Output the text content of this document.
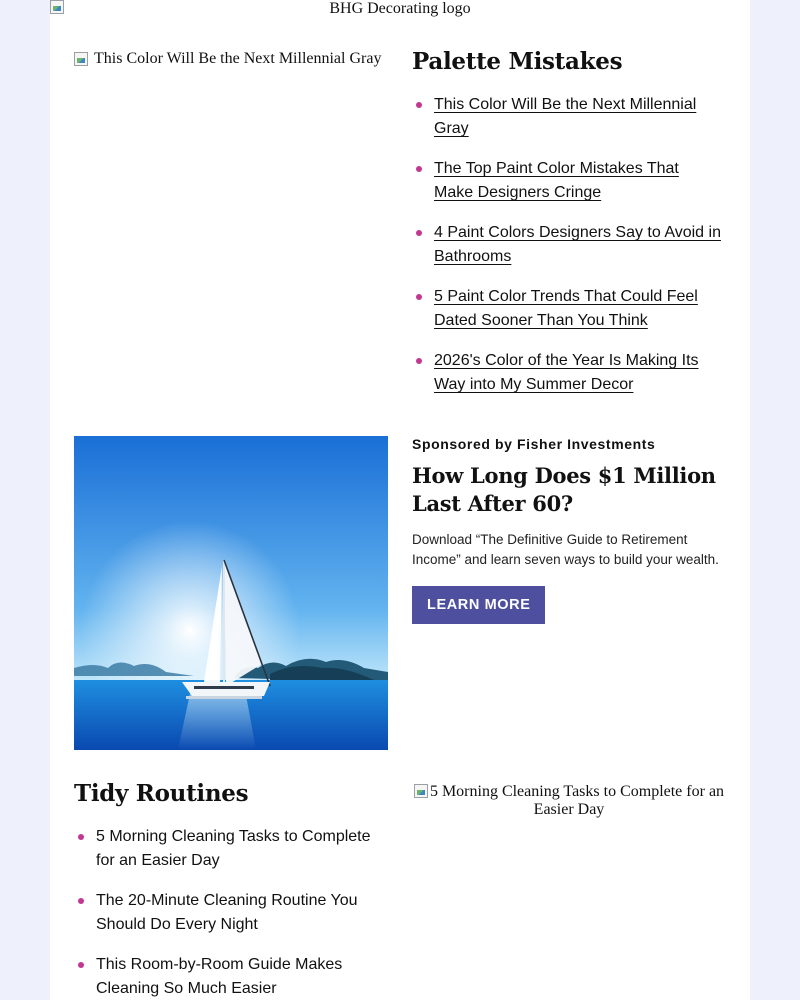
BHG Decorating logo
This Color Will Be the Next Millennial Gray Palette Mistakes
This Color Will Be the Next Millennial Gray
The Top Paint Color Mistakes That Make Designers Cringe
4 Paint Colors Designers Say to Avoid in Bathrooms
5 Paint Color Trends That Could Feel Dated Sooner Than You Think
2026's Color of the Year Is Making Its Way into My Summer Decor
Sponsored by Fisher Investments
How Long Does $1 Million Last After 60?

Download “The Definitive Guide to Retirement Income” and learn seven ways to build your wealth.

LEARN MORE
Tidy Routines
5 Morning Cleaning Tasks to Complete for an Easier Day
The 20-Minute Cleaning Routine You Should Do Every Night
This Room-by-Room Guide Makes Cleaning So Much Easier
5 Morning Cleaning Tasks to Complete for an Easier Day
